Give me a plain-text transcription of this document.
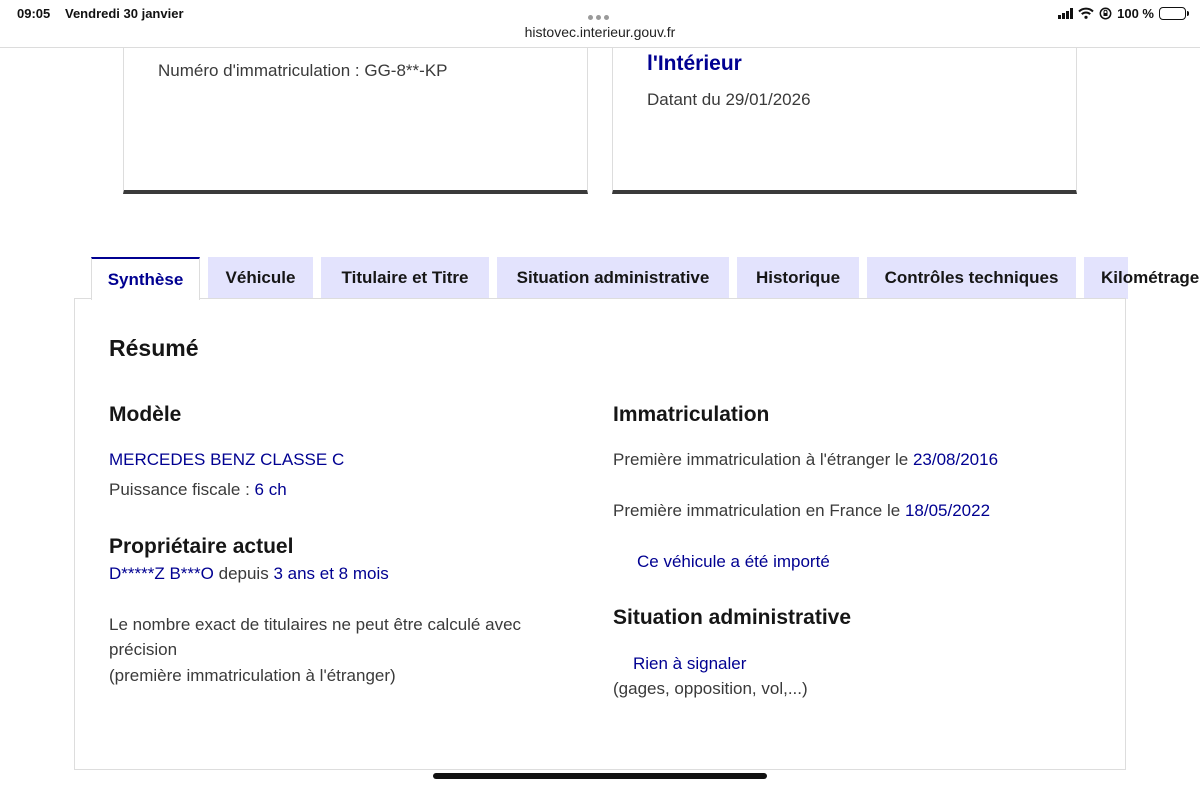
09:05 Vendredi 30 janvier
histovec.interieur.gouv.fr
100 %
Numéro d'immatriculation : GG-8**-KP	l'Intérieur
Datant du 29/01/2026
Synthèse	Véhicule	Titulaire et Titre	Situation administrative	Historique	Contrôles techniques	Kilométrage
Résumé
Modèle
MERCEDES BENZ CLASSE C
Puissance fiscale : 6 ch
Propriétaire actuel
D*****Z B***O depuis 3 ans et 8 mois
Le nombre exact de titulaires ne peut être calculé avec
précision
(première immatriculation à l'étranger)
Immatriculation
Première immatriculation à l'étranger le 23/08/2016
Première immatriculation en France le 18/05/2022
Ce véhicule a été importé
Situation administrative
Rien à signaler
(gages, opposition, vol,...)
